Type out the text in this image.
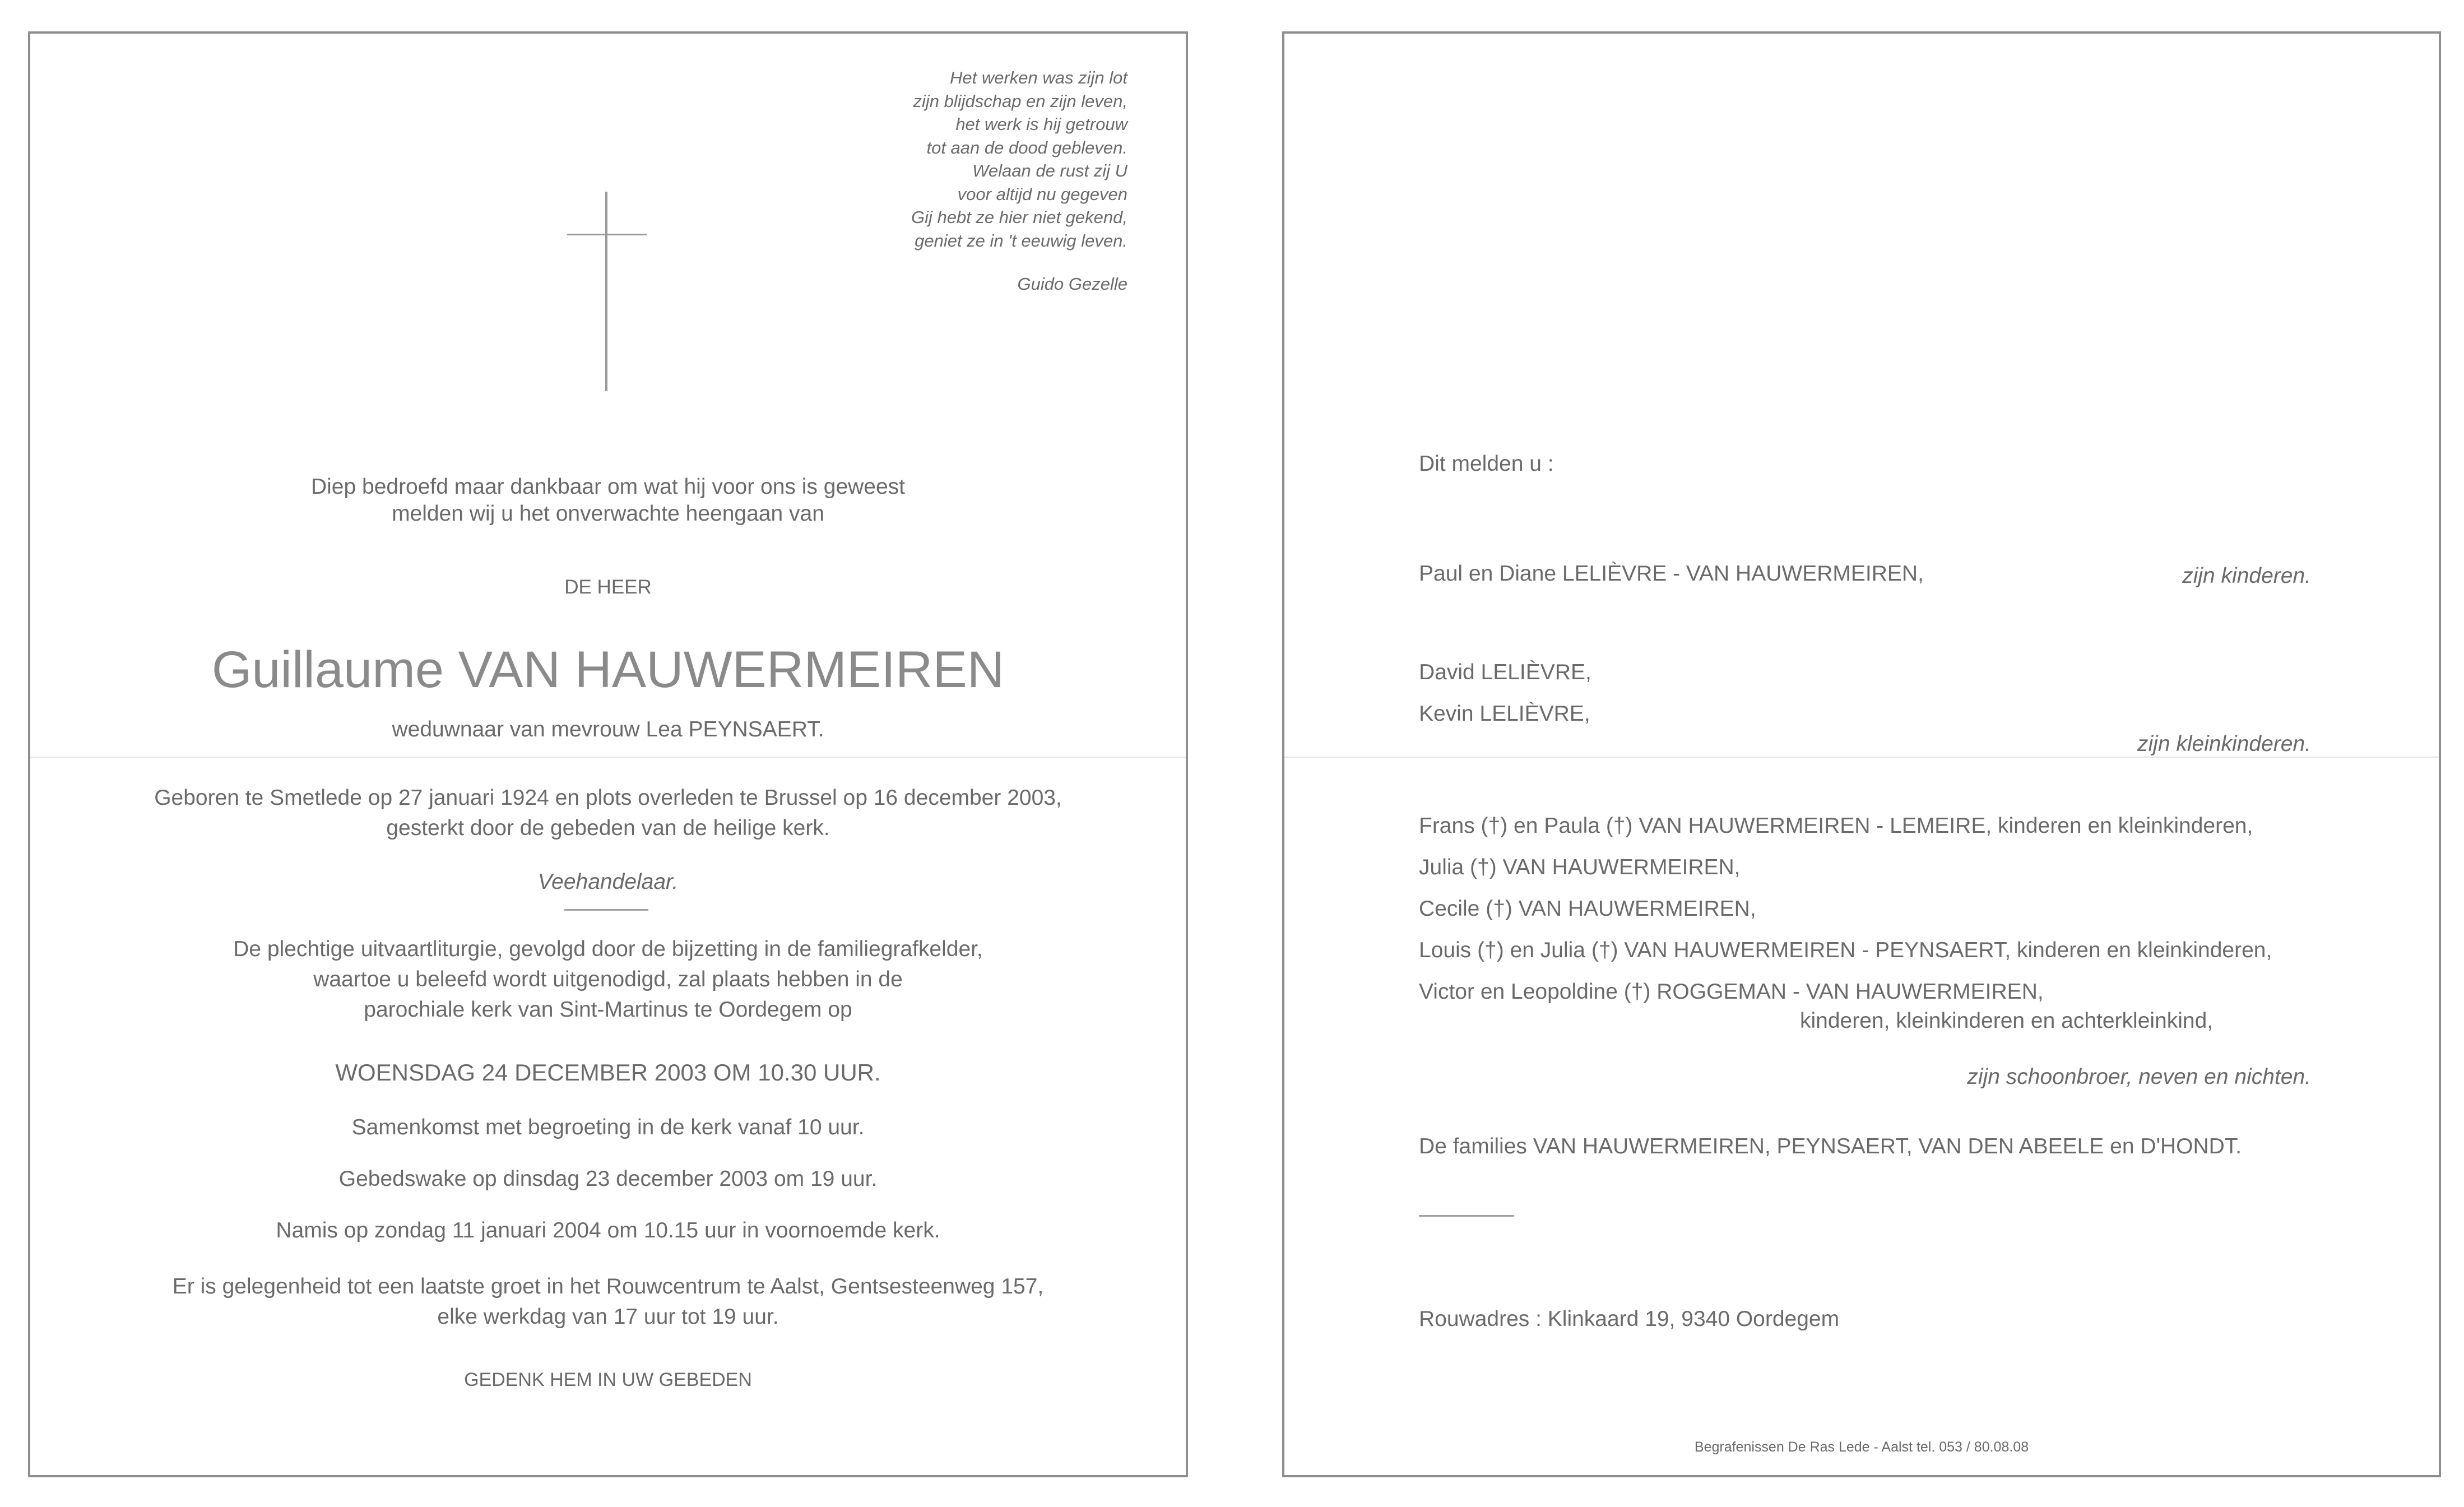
Het werken was zijn lot
zijn blijdschap en zijn leven,
het werk is hij getrouw
tot aan de dood gebleven.
Welaan de rust zij U
voor altijd nu gegeven
Gij hebt ze hier niet gekend,
geniet ze in 't eeuwig leven.
Guido Gezelle
Diep bedroefd maar dankbaar om wat hij voor ons is geweest
melden wij u het onverwachte heengaan van
DE HEER
Guillaume VAN HAUWERMEIREN
weduwnaar van mevrouw Lea PEYNSAERT.
Geboren te Smetlede op 27 januari 1924 en plots overleden te Brussel op 16 december 2003,
gesterkt door de gebeden van de heilige kerk.
Veehandelaar.
De plechtige uitvaartliturgie, gevolgd door de bijzetting in de familiegrafkelder,
waartoe u beleefd wordt uitgenodigd, zal plaats hebben in de
parochiale kerk van Sint-Martinus te Oordegem op
WOENSDAG 24 DECEMBER 2003 OM 10.30 UUR.
Samenkomst met begroeting in de kerk vanaf 10 uur.
Gebedswake op dinsdag 23 december 2003 om 19 uur.
Namis op zondag 11 januari 2004 om 10.15 uur in voornoemde kerk.
Er is gelegenheid tot een laatste groet in het Rouwcentrum te Aalst, Gentsesteenweg 157,
elke werkdag van 17 uur tot 19 uur.
GEDENK HEM IN UW GEBEDEN
Dit melden u :
Paul en Diane LELIÈVRE - VAN HAUWERMEIREN,	zijn kinderen.
David LELIÈVRE,
Kevin LELIÈVRE,
zijn kleinkinderen.
Frans (†) en Paula (†) VAN HAUWERMEIREN - LEMEIRE, kinderen en kleinkinderen,
Julia (†) VAN HAUWERMEIREN,
Cecile (†) VAN HAUWERMEIREN,
Louis (†) en Julia (†) VAN HAUWERMEIREN - PEYNSAERT, kinderen en kleinkinderen,
Victor en Leopoldine (†) ROGGEMAN - VAN HAUWERMEIREN,
kinderen, kleinkinderen en achterkleinkind,
zijn schoonbroer, neven en nichten.
De families VAN HAUWERMEIREN, PEYNSAERT, VAN DEN ABEELE en D'HONDT.
Rouwadres : Klinkaard 19, 9340 Oordegem
Begrafenissen De Ras Lede - Aalst tel. 053 / 80.08.08
